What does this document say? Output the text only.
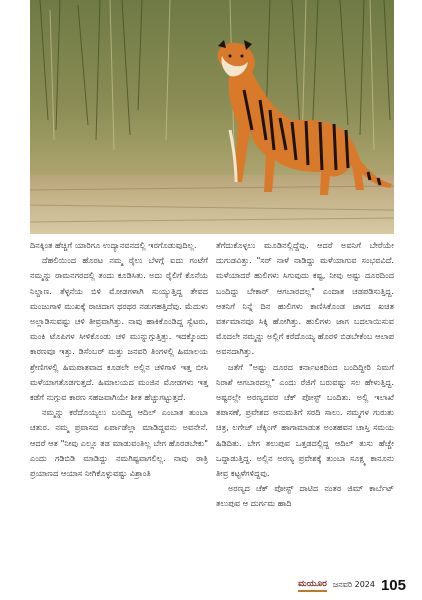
ದಿನಕ್ಕಿಂತ ಹೆಚ್ಚಿಗೆ ಯಾರಿಗೂ ಉದ್ಯಾನವನದಲ್ಲಿ ಇರಗೊಡುವುದಿಲ್ಲ.

ದೆಹಲಿಯಿಂದ ಹೊರಟ ನಮ್ಮ ರೈಲು ಬೆಳಗ್ಗೆ ಐದು ಗಂಟೆಗೆ ನಮ್ಮನ್ನು ರಾಮನಗರದಲ್ಲಿ ತಂದು ಕೂಡಿಸಿತು. ಅದು ರೈಲಿಗೆ ಕೊನೆಯ ನಿಲ್ದಾಣ. ತೆಳ್ಳನೆಯ ಬಿಳಿ ಮೋಡಗಳಾಗಿ ಸುಯ್ಯುತ್ತಿದ್ದ ತೇವದ ಮಂಜುಗಾಳಿ ಮುಖಕ್ಕೆ ರಾಚಿದಾಗ ಥರಥರ ನಡುಗಹತ್ತಿದೆವು. ಮೆದುಳು ಅಲ್ಲಾಡಿಸುವಷ್ಟು ಚಳಿ ತೀವ್ರವಾಗಿತ್ತು. ನಾವು ಹಾಕಿಕೊಂಡಿದ್ದ ಸ್ವೆಟರು, ಮಂಕಿ ಟೊಪಿಗಳ ಸೀಳಿಕೊಂಡು ಚಳಿ ಮುನ್ನುಗ್ಗುತ್ತಿತ್ತು. ಇದಕ್ಕೊಂದು ಕಾರಣವೂ ಇತ್ತು. ಡಿಸೆಂಬರ್ ಮತ್ತು ಜನವರಿ ತಿಂಗಳಲ್ಲಿ ಹಿಮಾಲಯ ಶ್ರೇಣಿಗಳಲ್ಲಿ ಹಿಮಪಾತವಾದ ಕೂಡಲೇ ಅಲ್ಲಿನ ಚಳಿಗಾಳಿ ಇತ್ತ ಬೀಸಿ ಮಳೆಯಾಗತೊಡಗುತ್ತದೆ. ಹಿಮಾಲಯದ ಮಂಜಿನ ಮೋಡಗಳು ಇತ್ತ ಕಡೆಗೆ ನುಗ್ಗುವ ಕಾರಣ ಸಹಜವಾಗಿಯೇ ಶೀತ ಹೆಚ್ಚುಗಟ್ಟುತ್ತದೆ.

ನಮ್ಮನ್ನು ಕರೆದೊಯ್ಯಲು ಬಂದಿದ್ದ ಆದಿಲ್ ಎಂಬಾತ ತುಂಬಾ ಚತುರ. ನಮ್ಮ ಪ್ರವಾಸದ ಏರ್ಪಾಡೆಲ್ಲಾ ಮಾಡಿದ್ದವನು ಅವನೇನೆ. ಆದರೆ ಆತ "ನೀವು ಎಲ್ಲೂ ತಡ ಮಾಡುವಂತಿಲ್ಲ ಬೇಗ ಹೊರಡಬೇಕು" ಎಂದು ಗಡಿಬಿಡಿ ಮಾಡಿದ್ದು ನಮಗಿಷ್ಟವಾಗಲಿಲ್ಲ. ನಾವು ರಾತ್ರಿ ಪ್ರಯಾಣದ ಆಯಾಸ ನೀಗಿಕೊಳ್ಳುವಷ್ಟು ವಿಶ್ರಾಂತಿ

ತೆಗೆದುಕೊಳ್ಳಲು ಮೂಡಿನಲ್ಲಿದ್ದೆವು. ಆದರೆ ಅವನಿಗೆ ಬೇರೆಯೇ ದುಗುಡವಿತ್ತು. "ಸರ್ ನಾಳೆ ನಾಡಿದ್ದು ಮಳೆಯಾಗುವ ಸಂಭವವಿದೆ. ಮಳೆಯಾದರೆ ಹುಲಿಗಳು ಸಿಗುವುದು ಕಷ್ಟ, ನೀವು ಅಷ್ಟು ದೂರದಿಂದ ಬಂದಿದ್ದು ಬೇಕಾರ್ ಆಗಬಾರದಲ್ಲ" ಎಂದಾತ ಚಡಪಡಿಸುತ್ತಿದ್ದ. ಆತನಿಗೆ ನಿನ್ನೆ ದಿನ ಹುಲಿಗಳು ಕಾಣಿಸಿಕೊಂಡ ಜಾಗದ ಖಚಿತ ವರ್ತಮಾನವೂ ಸಿಕ್ಕಿ ಹೋಗಿತ್ತು. ಹುಲಿಗಳು ಜಾಗ ಬದಲಾಯಿಸುವ ಮೊದಲೇ ನಮ್ಮನ್ನು ಅಲ್ಲಿಗೆ ಕರೆದೊಯ್ಯ ಹೊರಳಿ ಬಿಡಬೇಕೆಂಬ ಆಲಾಪ ಅವನದಾಗಿತ್ತು.

ಜತೆಗೆ "ಅಷ್ಟು ದೂರದ ಕರ್ನಾಟಕದಿಂದ ಬಂದಿದ್ದೀರಿ ನಿಮಗೆ ನಿರಾಶೆ ಆಗಬಾರದಲ್ಲ" ಎಂದು ರೆಜಿಗೆ ಬರುವಷ್ಟು ಸಲ ಹೇಳುತ್ತಿದ್ದ. ಅಷ್ಟರಲ್ಲೇ ಅರಣ್ಯದವರ ಚೆಕ್ ಪೋಸ್ಟ್ ಬಂದಿತು. ಅಲ್ಲಿ ಇಲಾಖೆ ತಪಾಸಣೆ, ಪ್ರವೇಶದ ಅನುಮತಿಗೆ ಸರದಿ ಸಾಲು. ನಮ್ಮಗಳ ಗುರುತು ಚಿತ್ರ, ಲಗೇಜ್ ಚೆಕ್ಕಿಂಗ್ ಹಾಗಾಮಾಡುತ ಅಂತಹವನ ಚಾಸ್ತಿ ಸಮಯ ಹಿಡಿದಿತು. ಬೇಗ ತಲುಪುವ ಒತ್ತಡದಲ್ಲಿದ್ದ ಆದಿಲ್ ತುಸು ಹೆಚ್ಚೇ ಒದ್ದಾಡುತ್ತಿದ್ದ. ಅಲ್ಲಿನ ಅರಣ್ಯ ಪ್ರವೇಶಕ್ಕೆ ತುಂಬಾ ಸೂಕ್ಷ್ಮ ಕಾನೂನು ತೀವ್ರ ಕಟ್ಟಳೆಗಳಿದ್ದವು.

ಅರಣ್ಯದ ಚೆಕ್ ಪೋಸ್ಟ್ ದಾಟಿದ ನಂತರ ಜಿಮ್ ಕಾರ್ಬೆಟ್ ತಲುಪುವ ಆ ದುರ್ಗಮ ಹಾದಿ

ಮಯೂರ ಜನವರಿ 2024 105
